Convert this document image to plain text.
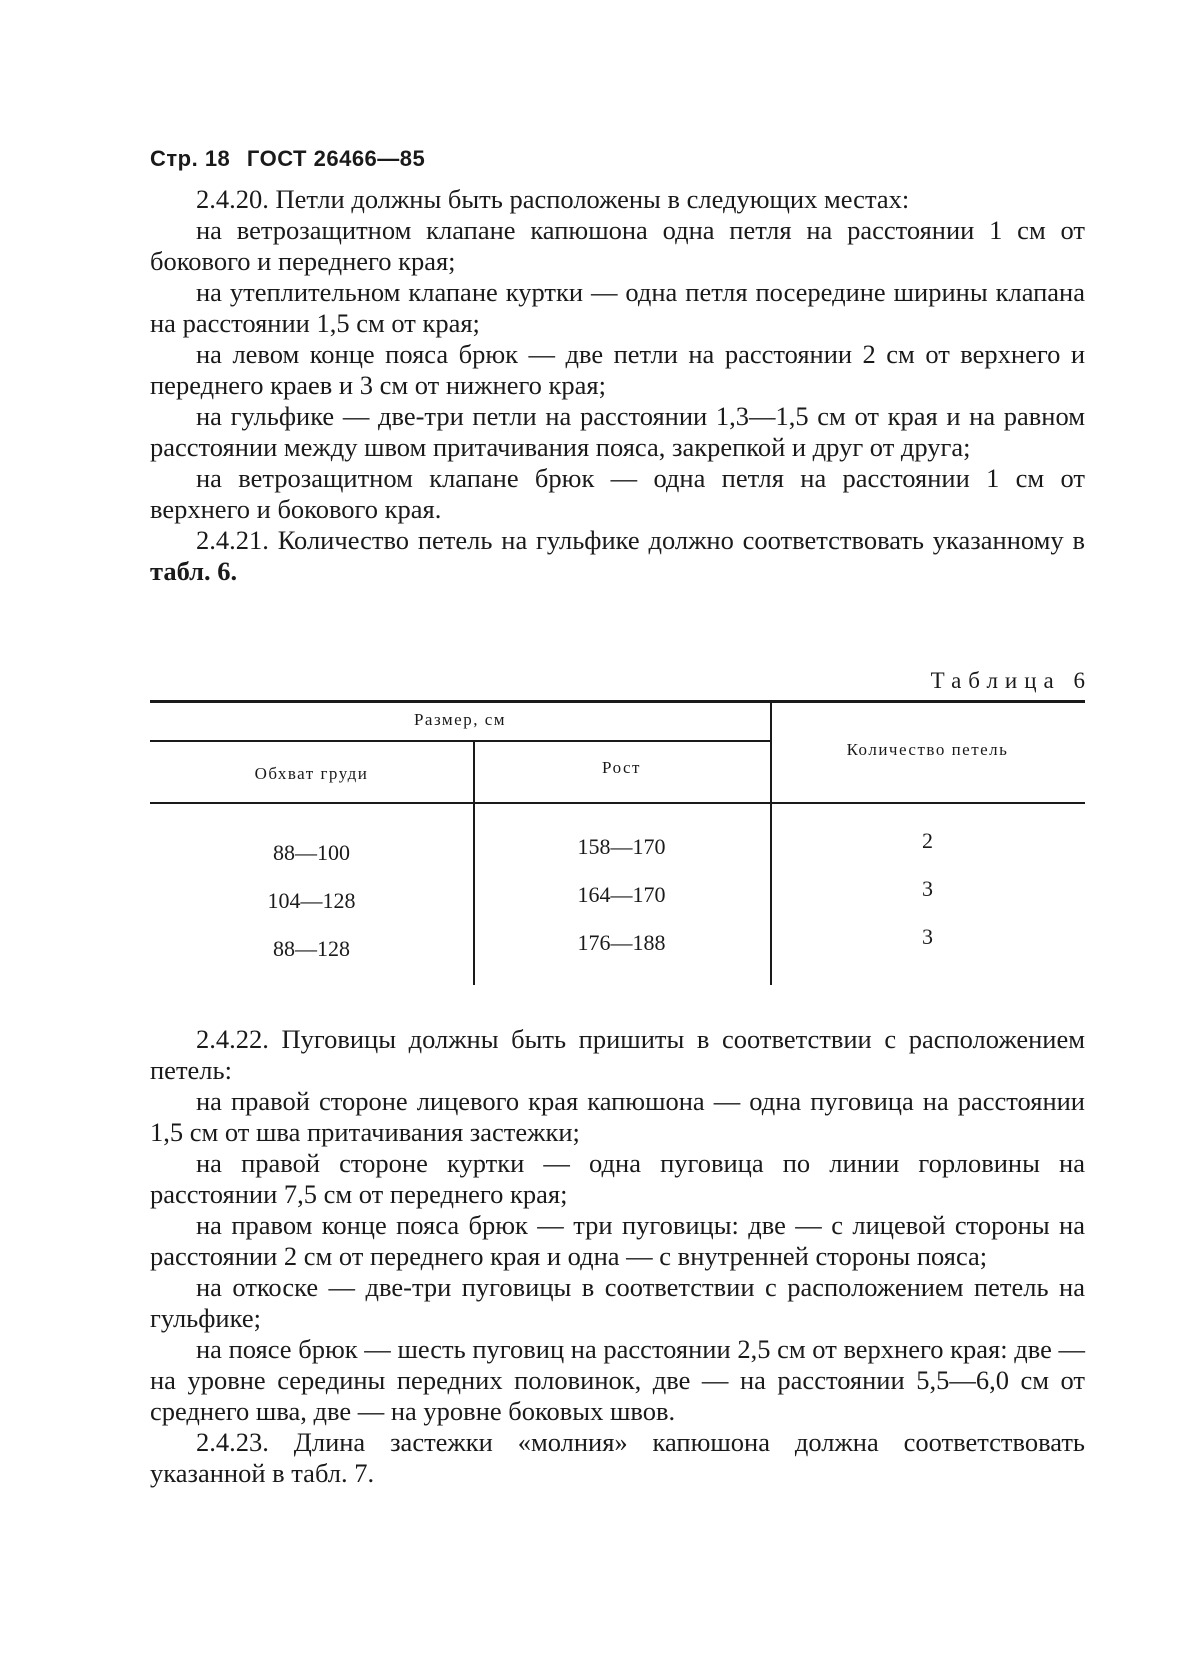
Стр. 18 ГОСТ 26466—85

2.4.20. Петли должны быть расположены в следующих местах:

на ветрозащитном клапане капюшона одна петля на расстоянии 1 см от бокового и переднего края;

на утеплительном клапане куртки — одна петля посередине ширины клапана на расстоянии 1,5 см от края;

на левом конце пояса брюк — две петли на расстоянии 2 см от верхнего и переднего краев и 3 см от нижнего края;

на гульфике — две-три петли на расстоянии 1,3—1,5 см от края и на равном расстоянии между швом притачивания пояса, закрепкой и друг от друга;

на ветрозащитном клапане брюк — одна петля на расстоянии 1 см от верхнего и бокового края.

2.4.21. Количество петель на гульфике должно соответствовать указанному в табл. 6.

Таблица 6
Размер, см
Обхват груди	Рост
Количество петель
88—100	158—170	2
104—128	164—170	3
88—128	176—188	3

2.4.22. Пуговицы должны быть пришиты в соответствии с расположением петель:

на правой стороне лицевого края капюшона — одна пуговица на расстоянии 1,5 см от шва притачивания застежки;

на правой стороне куртки — одна пуговица по линии горловины на расстоянии 7,5 см от переднего края;

на правом конце пояса брюк — три пуговицы: две — с лицевой стороны на расстоянии 2 см от переднего края и одна — с внутренней стороны пояса;

на откоске — две-три пуговицы в соответствии с расположением петель на гульфике;

на поясе брюк — шесть пуговиц на расстоянии 2,5 см от верхнего края: две — на уровне середины передних половинок, две — на расстоянии 5,5—6,0 см от среднего шва, две — на уровне боковых швов.

2.4.23. Длина застежки «молния» капюшона должна соответствовать указанной в табл. 7.
